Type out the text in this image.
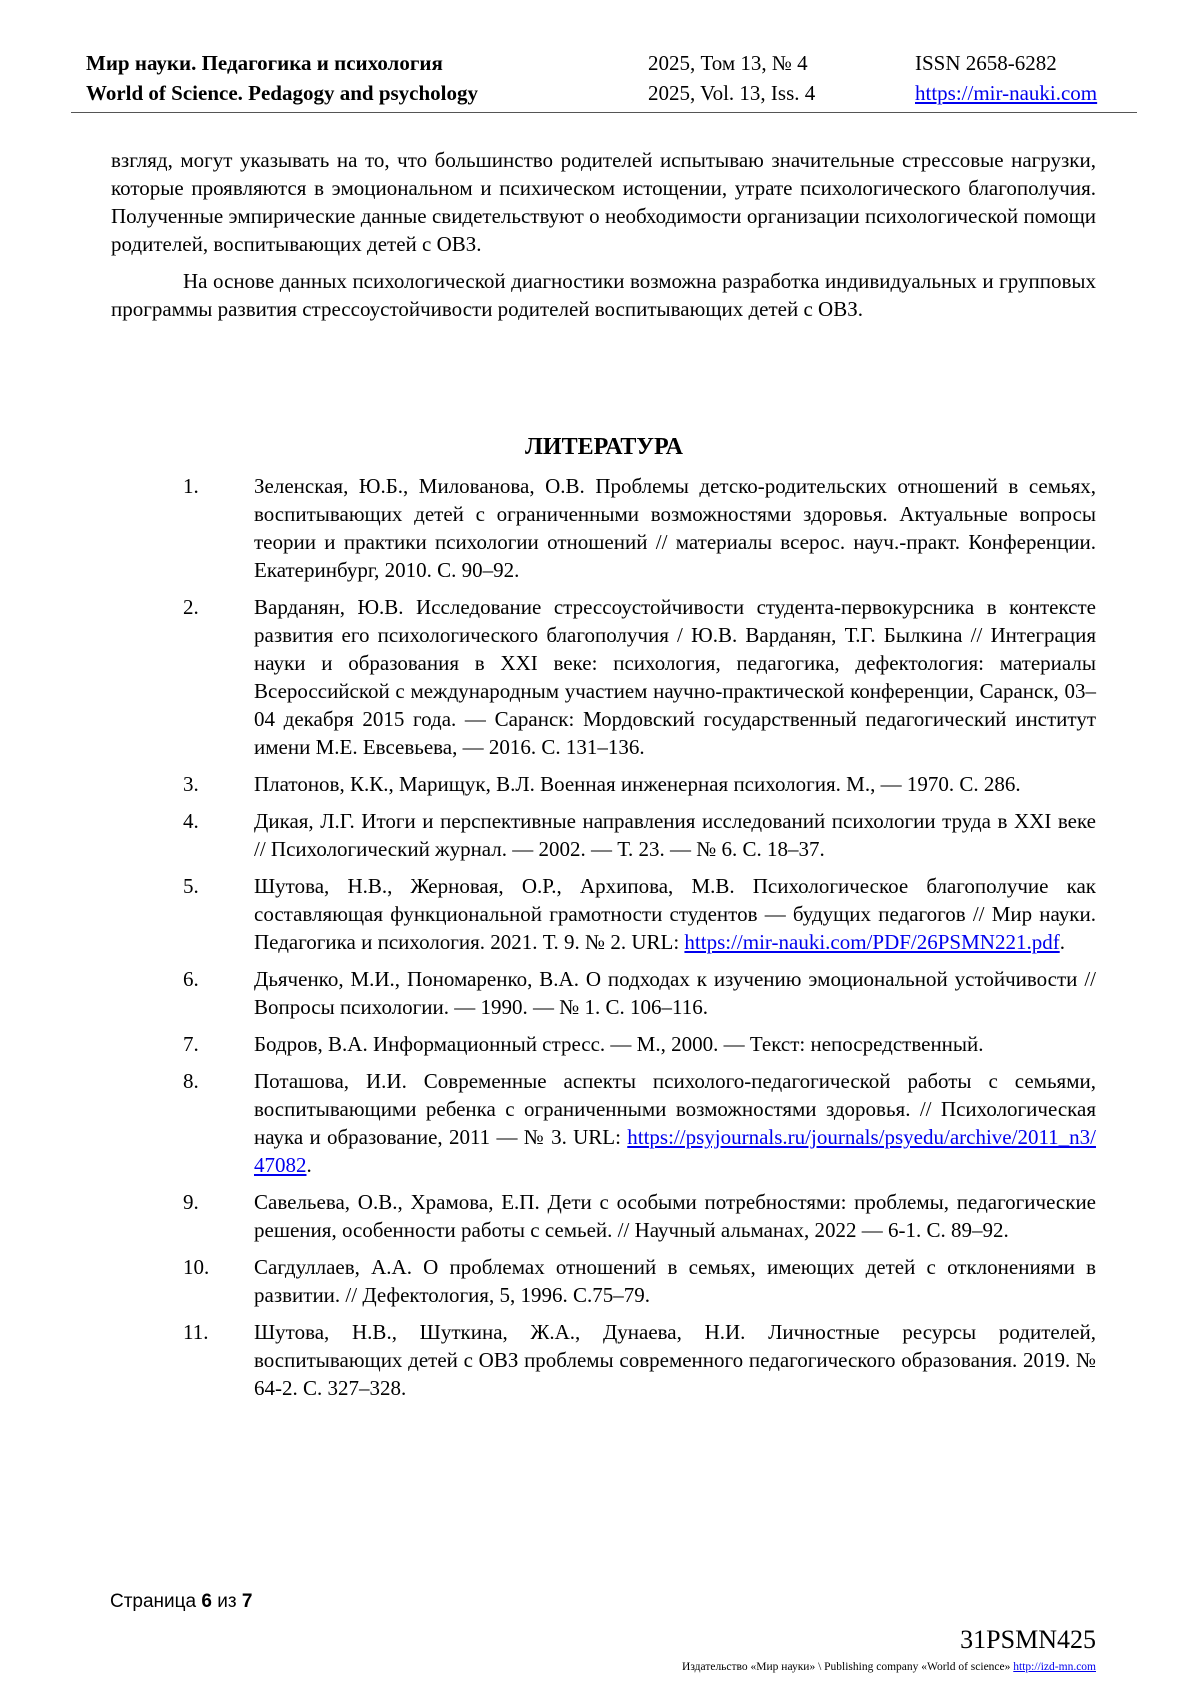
Мир науки. Педагогика и психология
World of Science. Pedagogy and psychology
2025, Том 13, № 4
2025, Vol. 13, Iss. 4
ISSN 2658-6282
https://mir-nauki.com

взгляд, могут указывать на то, что большинство родителей испытываю значительные стрессовые нагрузки, которые проявляются в эмоциональном и психическом истощении, утрате психологического благополучия. Полученные эмпирические данные свидетельствуют о необходимости организации психологической помощи родителей, воспитывающих детей с ОВЗ.

На основе данных психологической диагностики возможна разработка индивидуальных и групповых программы развития стрессоустойчивости родителей воспитывающих детей с ОВЗ.

ЛИТЕРАТУРА
1.	Зеленская, Ю.Б., Милованова, О.В. Проблемы детско-родительских отношений в семьях, воспитывающих детей с ограниченными возможностями здоровья. Актуальные вопросы теории и практики психологии отношений // материалы всерос. науч.-практ. Конференции. Екатеринбург, 2010. С. 90–92.
2.	Варданян, Ю.В. Исследование стрессоустойчивости студента-первокурсника в контексте развития его психологического благополучия / Ю.В. Варданян, Т.Г. Былкина // Интеграция науки и образования в XXI веке: психология, педагогика, дефектология: материалы Всероссийской с международным участием научно-практической конференции, Саранск, 03–04 декабря 2015 года. — Саранск: Мордовский государственный педагогический институт имени М.Е. Евсевьева, — 2016. С. 131–136.
3.	Платонов, К.К., Марищук, В.Л. Военная инженерная психология. М., — 1970. С. 286.
4.	Дикая, Л.Г. Итоги и перспективные направления исследований психологии труда в XXI веке // Психологический журнал. — 2002. — Т. 23. — № 6. С. 18–37.
5.	Шутова, Н.В., Жерновая, О.Р., Архипова, М.В. Психологическое благополучие как составляющая функциональной грамотности студентов — будущих педагогов // Мир науки. Педагогика и психология. 2021. Т. 9. № 2. URL: https://mir-nauki.com/PDF/26PSMN221.pdf.
6.	Дьяченко, М.И., Пономаренко, В.А. О подходах к изучению эмоциональной устойчивости // Вопросы психологии. — 1990. — № 1. С. 106–116.
7.	Бодров, В.А. Информационный стресс. — М., 2000. — Текст: непосредственный.
8.	Поташова, И.И. Современные аспекты психолого-педагогической работы с семьями, воспитывающими ребенка с ограниченными возможностями здоровья. // Психологическая наука и образование, 2011 — № 3. URL: https://psyjournals.ru/journals/psyedu/archive/2011_n3/47082.
9.	Савельева, О.В., Храмова, Е.П. Дети с особыми потребностями: проблемы, педагогические решения, особенности работы с семьей. // Научный альманах, 2022 — 6-1. С. 89–92.
10. Сагдуллаев, А.А. О проблемах отношений в семьях, имеющих детей с отклонениями в развитии. // Дефектология, 5, 1996. С.75–79.
11. Шутова, Н.В., Шуткина, Ж.А., Дунаева, Н.И. Личностные ресурсы родителей, воспитывающих детей с ОВЗ проблемы современного педагогического образования. 2019. № 64-2. С. 327–328.
Страница 6 из 7
31PSMN425
Издательство «Мир науки» \ Publishing company «World of science» http://izd-mn.com
